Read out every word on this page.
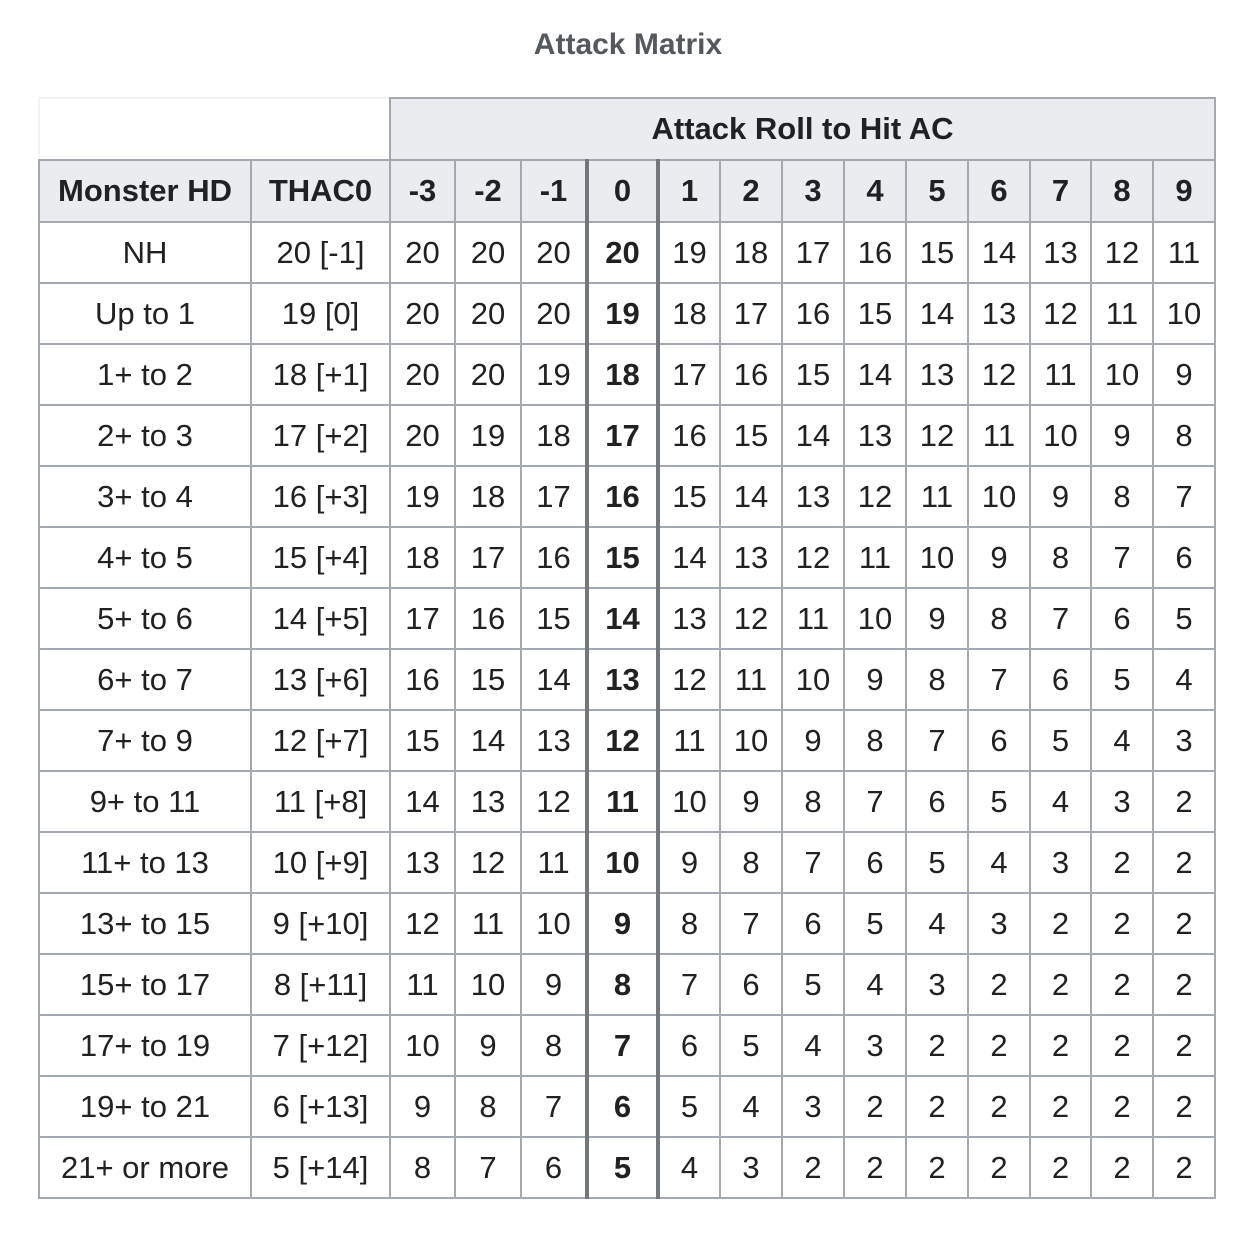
Attack Matrix
		Attack Roll to Hit AC												
Monster HD	THAC0	-3	-2	-1	0	1	2	3	4	5	6	7	8	9
NH	20 [-1]	20	20	20	20	19	18	17	16	15	14	13	12	11
Up to 1	19 [0]	20	20	20	19	18	17	16	15	14	13	12	11	10
1+ to 2	18 [+1]	20	20	19	18	17	16	15	14	13	12	11	10	9
2+ to 3	17 [+2]	20	19	18	17	16	15	14	13	12	11	10	9	8
3+ to 4	16 [+3]	19	18	17	16	15	14	13	12	11	10	9	8	7
4+ to 5	15 [+4]	18	17	16	15	14	13	12	11	10	9	8	7	6
5+ to 6	14 [+5]	17	16	15	14	13	12	11	10	9	8	7	6	5
6+ to 7	13 [+6]	16	15	14	13	12	11	10	9	8	7	6	5	4
7+ to 9	12 [+7]	15	14	13	12	11	10	9	8	7	6	5	4	3
9+ to 11	11 [+8]	14	13	12	11	10	9	8	7	6	5	4	3	2
11+ to 13	10 [+9]	13	12	11	10	9	8	7	6	5	4	3	2	2
13+ to 15	9 [+10]	12	11	10	9	8	7	6	5	4	3	2	2	2
15+ to 17	8 [+11]	11	10	9	8	7	6	5	4	3	2	2	2	2
17+ to 19	7 [+12]	10	9	8	7	6	5	4	3	2	2	2	2	2
19+ to 21	6 [+13]	9	8	7	6	5	4	3	2	2	2	2	2	2
21+ or more	5 [+14]	8	7	6	5	4	3	2	2	2	2	2	2	2
